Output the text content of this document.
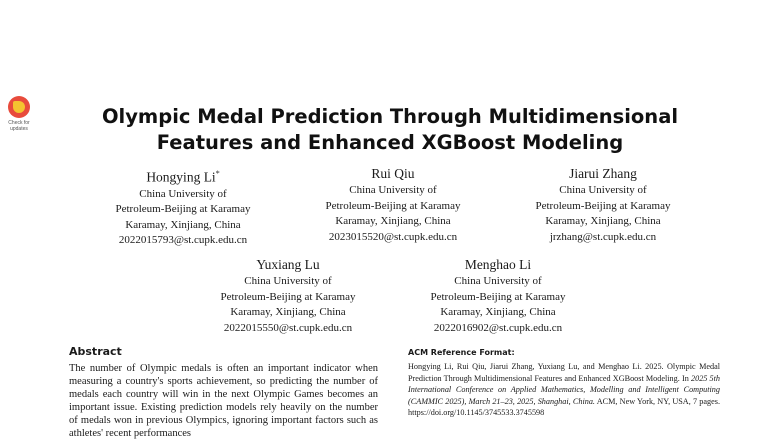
Check for updates
Olympic Medal Prediction Through Multidimensional Features and Enhanced XGBoost Modeling
Hongying Li*
China University of
Petroleum-Beijing at Karamay
Karamay, Xinjiang, China
2022015793@st.cupk.edu.cn
Rui Qiu
China University of
Petroleum-Beijing at Karamay
Karamay, Xinjiang, China
2023015520@st.cupk.edu.cn
Jiarui Zhang
China University of
Petroleum-Beijing at Karamay
Karamay, Xinjiang, China
jrzhang@st.cupk.edu.cn
Yuxiang Lu
China University of
Petroleum-Beijing at Karamay
Karamay, Xinjiang, China
2022015550@st.cupk.edu.cn
Menghao Li
China University of
Petroleum-Beijing at Karamay
Karamay, Xinjiang, China
2022016902@st.cupk.edu.cn
Abstract
The number of Olympic medals is often an important indicator when measuring a country's sports achievement, so predicting the number of medals each country will win in the next Olympic Games becomes an important issue. Existing prediction models rely heavily on the number of medals won in previous Olympics, ignoring important factors such as athletes' recent performances
ACM Reference Format:
Hongying Li, Rui Qiu, Jiarui Zhang, Yuxiang Lu, and Menghao Li. 2025. Olympic Medal Prediction Through Multidimensional Features and Enhanced XGBoost Modeling. In 2025 5th International Conference on Applied Mathematics, Modelling and Intelligent Computing (CAMMIC 2025), March 21–23, 2025, Shanghai, China. ACM, New York, NY, USA, 7 pages. https://doi.org/10.1145/3745533.3745598
